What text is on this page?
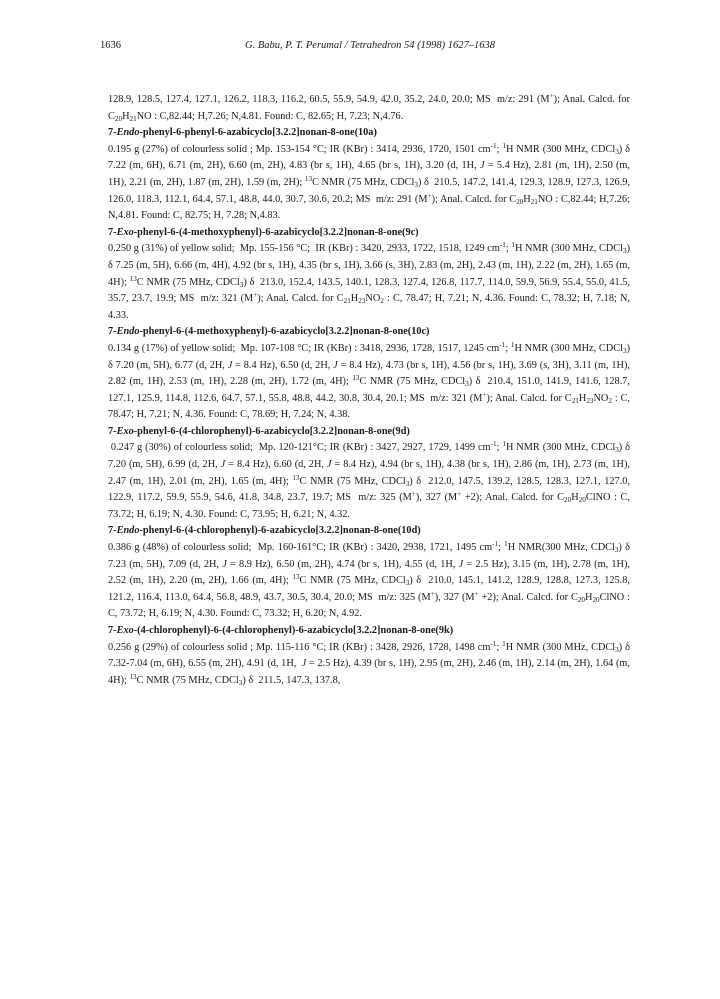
1636	G. Babu, P. T. Perumal / Tetrahedron 54 (1998) 1627–1638

128.9, 128.5, 127.4, 127.1, 126.2, 118.3, 116.2, 60.5, 55.9, 54.9, 42.0, 35.2, 24.0, 20.0; MS  m/z: 291 (M+); Anal. Calcd. for $C_{20}H_{21}NO$ : C,82.44; H,7.26; N,4.81. Found: C, 82.65; H, 7.23; N,4.76.

7-Endo-phenyl-6-phenyl-6-azabicyclo[3.2.2]nonan-8-one(10a)

0.195 g (27%) of colourless solid ; Mp. 153-154 °C; IR (KBr) : 3414, 2936, 1720, 1501 $cm^{-1}$; $^1$H NMR (300 MHz, CDCl$_3$) δ 7.22 (m, 6H), 6.71 (m, 2H), 6.60 (m, 2H), 4.83 (br s, 1H), 4.65 (br s, 1H), 3.20 (d, 1H, J = 5.4 Hz), 2.81 (m, 1H), 2.50 (m, 1H), 2.21 (m, 2H), 1.87 (m, 2H), 1.59 (m, 2H); $^{13}$C NMR (75 MHz, CDCl$_3$) δ  210.5, 147.2, 141.4, 129.3, 128.9, 127.3, 126.9, 126.0, 118.3, 112.1, 64.4, 57.1, 48.8, 44.0, 30.7, 30.6, 20.2; MS  m/z: 291 (M+); Anal. Calcd. for $C_{20}H_{21}NO$ : C,82.44; H,7.26; N,4.81. Found: C, 82.75; H, 7.28; N,4.83.

7-Exo-phenyl-6-(4-methoxyphenyl)-6-azabicyclo[3.2.2]nonan-8-one(9c)

0.250 g (31%) of yellow solid;  Mp. 155-156 °C;  IR (KBr) : 3420, 2933, 1722, 1518, 1249 $cm^{-1}$; $^1$H NMR (300 MHz, CDCl$_3$) δ 7.25 (m, 5H), 6.66 (m, 4H), 4.92 (br s, 1H), 4.35 (br s, 1H), 3.66 (s, 3H), 2.83 (m, 2H), 2.43 (m, 1H), 2.22 (m, 2H), 1.65 (m, 4H); $^{13}$C NMR (75 MHz, CDCl$_3$) δ  213.0, 152.4, 143.5, 140.1, 128.3, 127.4, 126.8, 117.7, 114.0, 59.9, 56.9, 55.4, 55.0, 41.5, 35.7, 23.7, 19.9; MS  m/z: 321 (M+); Anal. Calcd. for $C_{21}H_{23}NO_2$ : C, 78.47; H, 7.21; N, 4.36. Found: C, 78.32; H, 7.18; N, 4.33.

7-Endo-phenyl-6-(4-methoxyphenyl)-6-azabicyclo[3.2.2]nonan-8-one(10c)

0.134 g (17%) of yellow solid;  Mp. 107-108 °C; IR (KBr) : 3418, 2936, 1728, 1517, 1245 $cm^{-1}$; $^1$H NMR (300 MHz, CDCl$_3$) δ 7.20 (m, 5H), 6.77 (d, 2H, J = 8.4 Hz), 6.50 (d, 2H, J = 8.4 Hz), 4.73 (br s, 1H), 4.56 (br s, 1H), 3.69 (s, 3H), 3.11 (m, 1H), 2.82 (m, 1H), 2.53 (m, 1H), 2.28 (m, 2H), 1.72 (m, 4H); $^{13}$C NMR (75 MHz, CDCl$_3$) δ  210.4, 151.0, 141.9, 141.6, 128.7, 127.1, 125.9, 114.8, 112.6, 64.7, 57.1, 55.8, 48.8, 44.2, 30.8, 30.4, 20.1; MS  m/z: 321 (M+); Anal. Calcd. for $C_{21}H_{23}NO_2$ : C, 78.47; H, 7.21; N, 4.36. Found: C, 78.69; H, 7.24; N, 4.38.

7-Exo-phenyl-6-(4-chlorophenyl)-6-azabicyclo[3.2.2]nonan-8-one(9d)

0.247 g (30%) of colourless solid;  Mp. 120-121°C; IR (KBr) : 3427, 2927, 1729, 1499 $cm^{-1}$; $^1$H NMR (300 MHz, CDCl$_3$) δ 7.20 (m, 5H), 6.99 (d, 2H, J = 8.4 Hz), 6.60 (d, 2H, J = 8.4 Hz), 4.94 (br s, 1H), 4.38 (br s, 1H), 2.86 (m, 1H), 2.73 (m, 1H), 2.47 (m, 1H), 2.01 (m, 2H), 1.65 (m, 4H); $^{13}$C NMR (75 MHz, CDCl$_3$) δ  212.0, 147.5, 139.2, 128.5, 128.3, 127.1, 127.0, 122.9, 117.2, 59.9, 55.9, 54.6, 41.8, 34.8, 23.7, 19.7; MS  m/z: 325 (M+), 327 (M+ +2); Anal. Calcd. for $C_{20}H_{20}ClNO$ : C, 73.72; H, 6.19; N, 4.30. Found: C, 73.95; H, 6.21; N, 4.32.

7-Endo-phenyl-6-(4-chlorophenyl)-6-azabicyclo[3.2.2]nonan-8-one(10d)

0.386 g (48%) of colourless solid;  Mp. 160-161°C; IR (KBr) : 3420, 2938, 1721, 1495 $cm^{-1}$; $^1$H NMR(300 MHz, CDCl$_3$) δ 7.23 (m, 5H), 7.09 (d, 2H, J = 8.9 Hz), 6.50 (m, 2H), 4.74 (br s, 1H), 4.55 (d, 1H, J = 2.5 Hz), 3.15 (m, 1H), 2.78 (m, 1H), 2.52 (m, 1H), 2.20 (m, 2H), 1.66 (m, 4H); $^{13}$C NMR (75 MHz, CDCl$_3$) δ  210.0, 145.1, 141.2, 128.9, 128.8, 127.3, 125.8, 121.2, 116.4, 113.0, 64.4, 56.8, 48.9, 43.7, 30.5, 30.4, 20.0; MS  m/z: 325 (M+), 327 (M+ +2); Anal. Calcd. for $C_{20}H_{20}ClNO$ : C, 73.72; H, 6.19; N, 4.30. Found: C, 73.32; H, 6.20; N, 4.92.

7-Exo-(4-chlorophenyl)-6-(4-chlorophenyl)-6-azabicyclo[3.2.2]nonan-8-one(9k)

0.256 g (29%) of colourless solid ; Mp. 115-116 °C; IR (KBr) : 3428, 2926, 1728, 1498 $cm^{-1}$; $^1$H NMR (300 MHz, CDCl$_3$) δ 7.32-7.04 (m, 6H), 6.55 (m, 2H), 4.91 (d, 1H,  J = 2.5 Hz), 4.39 (br s, 1H), 2.95 (m, 2H), 2.46 (m, 1H), 2.14 (m, 2H), 1.64 (m, 4H); $^{13}$C NMR (75 MHz, CDCl$_3$) δ  211.5, 147.3, 137.8,
